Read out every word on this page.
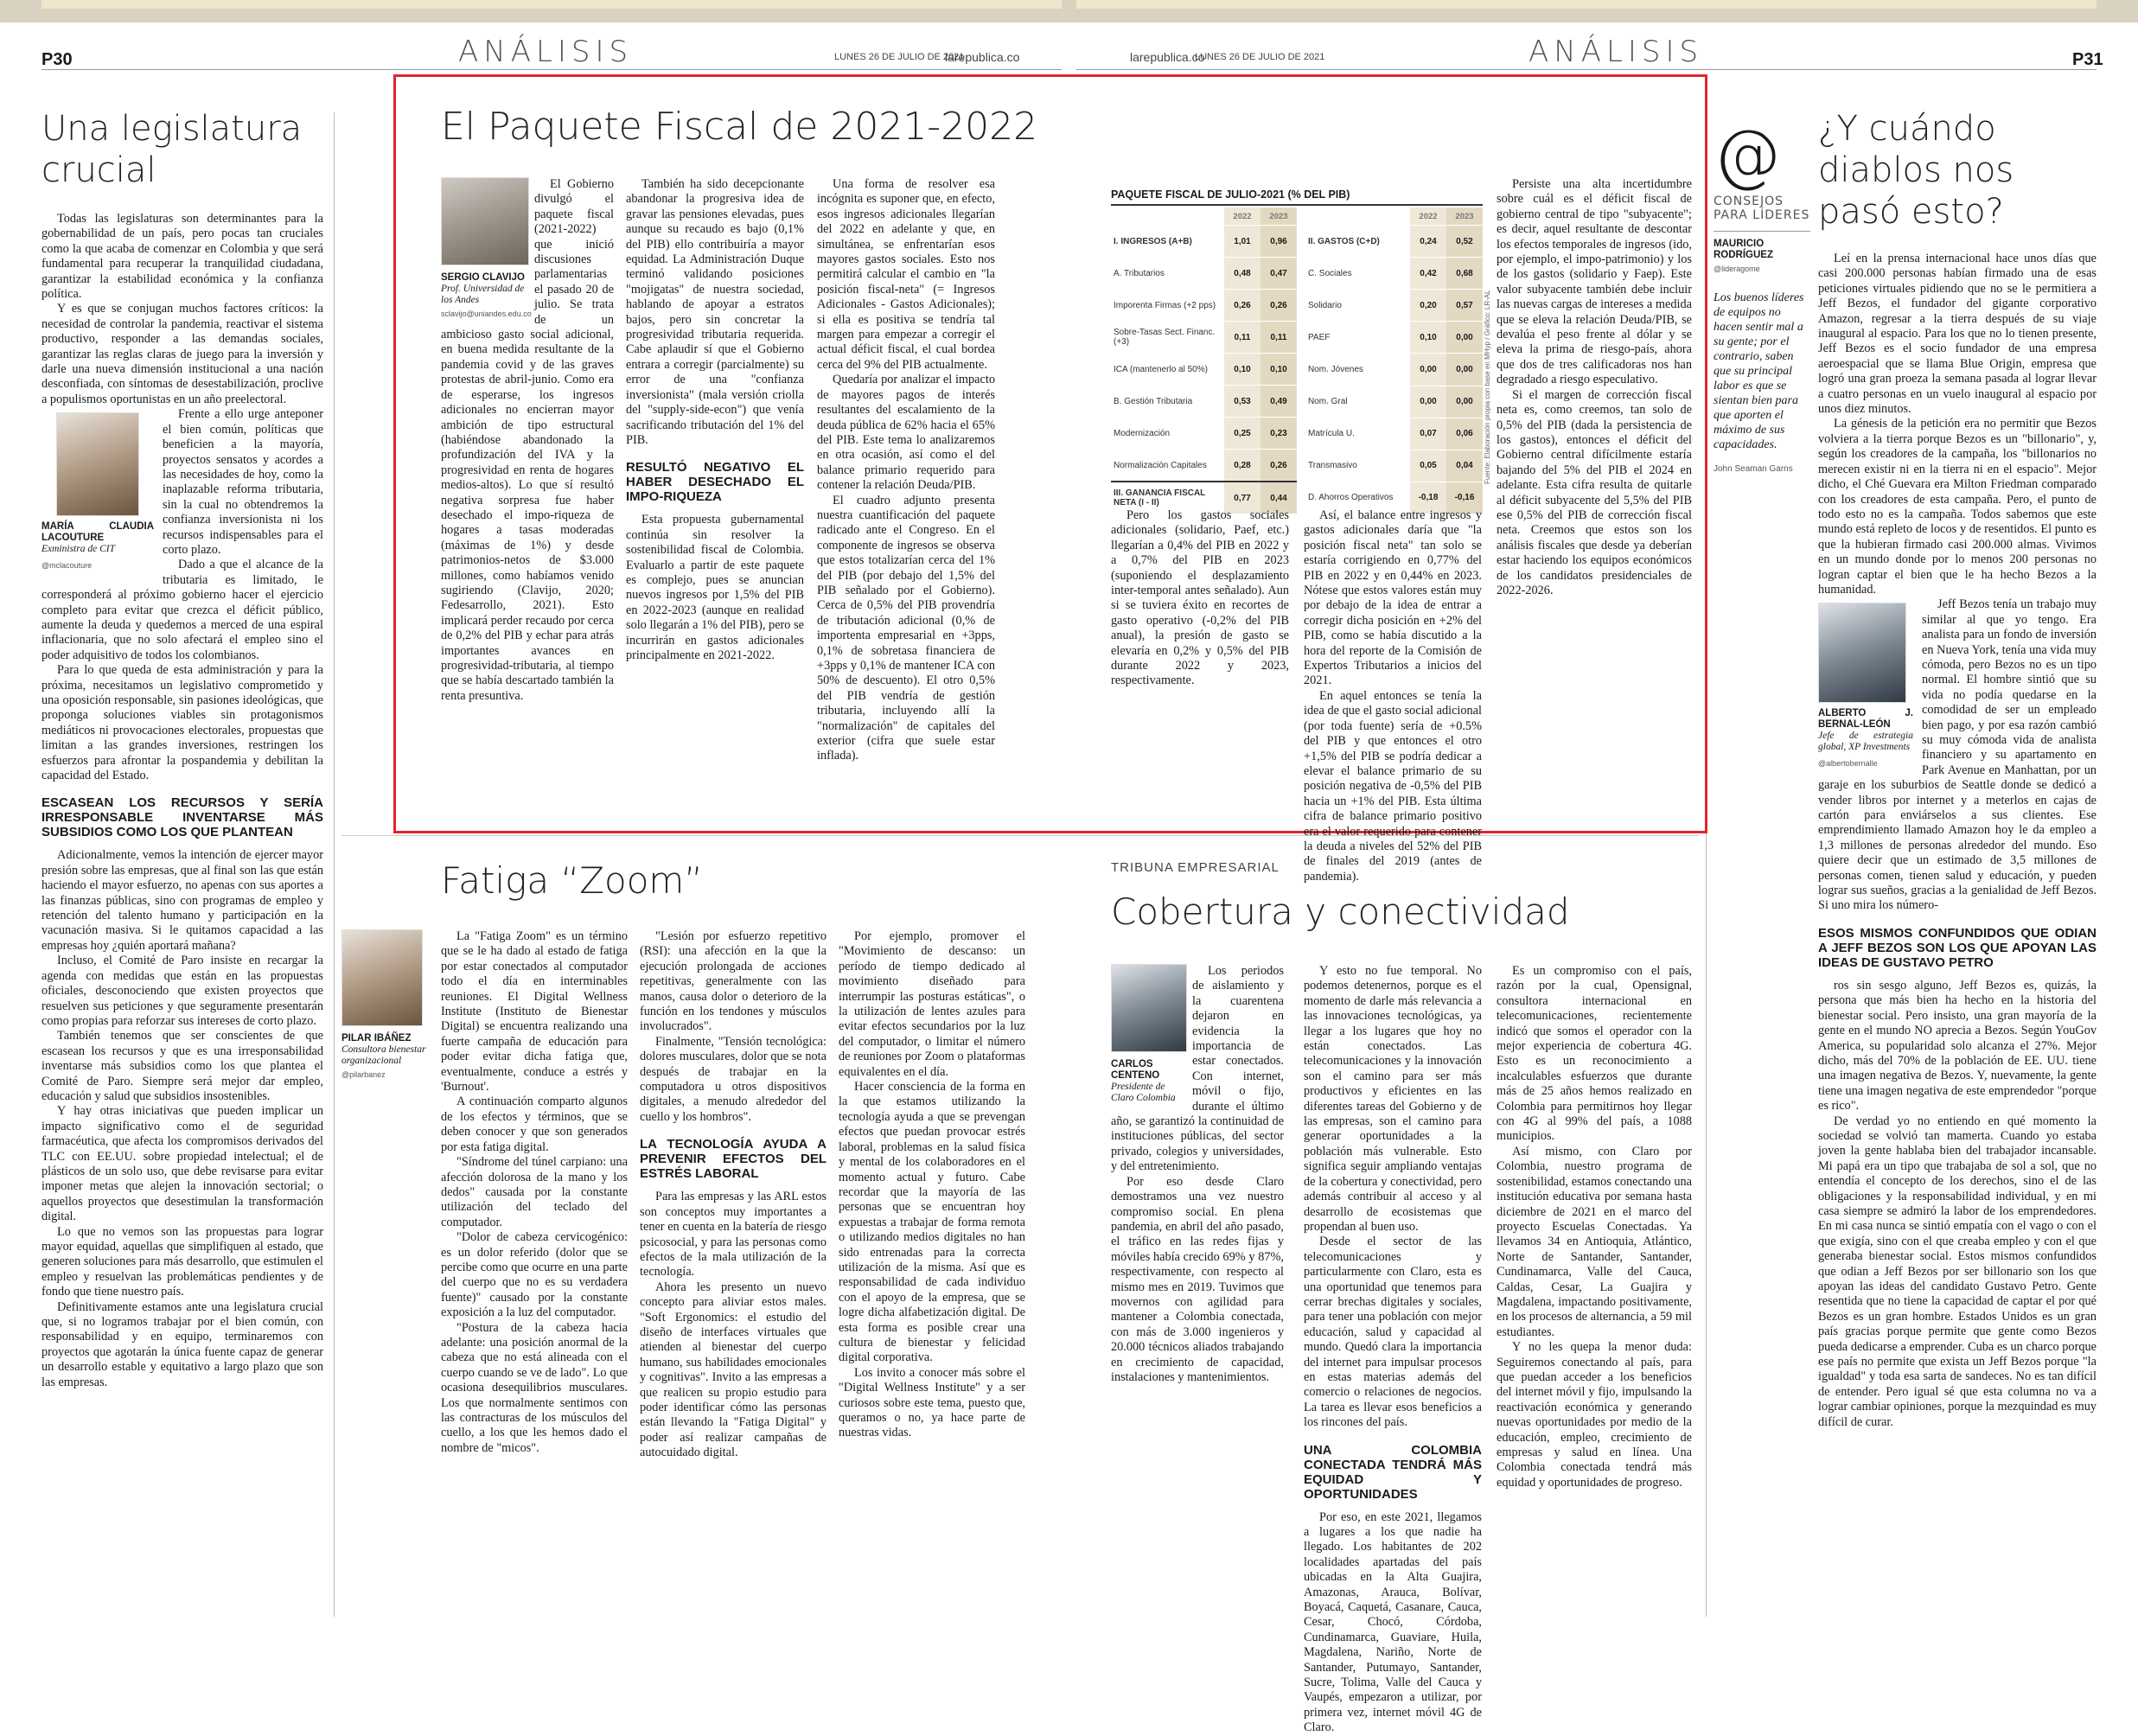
P30	ANÁLISIS	LUNES 26 DE JULIO DE 2021
larepublica.co	larepublica.co
LUNES 26 DE JULIO DE 2021	ANÁLISIS	P31
Una legislatura crucial

Todas las legislaturas son determinantes para la gobernabilidad de un país, pero pocas tan cruciales como la que acaba de comenzar en Colombia y que será fundamental para recuperar la tranquilidad ciudadana, garantizar la estabilidad económica y la confianza política.

Y es que se conjugan muchos factores críticos: la necesidad de controlar la pandemia, reactivar el sistema productivo, responder a las demandas sociales, garantizar las reglas claras de juego para la inversión y darle una nueva dimensión institucional a una nación desconfiada, con síntomas de desestabilización, proclive a populismos oportunistas en un año preelectoral.

MARÍA CLAUDIA LACOUTURE
Exministra de CIT
@mclacouture

Frente a ello urge anteponer el bien común, políticas que beneficien a la mayoría, proyectos sensatos y acordes a las necesidades de hoy, como la inaplazable reforma tributaria, sin la cual no obtendremos la confianza inversionista ni los recursos indispensables para el corto plazo.

Dado a que el alcance de la tributaria es limitado, le corresponderá al próximo gobierno hacer el ejercicio completo para evitar que crezca el déficit público, aumente la deuda y quedemos a merced de una espiral inflacionaria, que no solo afectará el empleo sino el poder adquisitivo de todos los colombianos.

Para lo que queda de esta administración y para la próxima, necesitamos un legislativo comprometido y una oposición responsable, sin pasiones ideológicas, que proponga soluciones viables sin protagonismos mediáticos ni provocaciones electorales, propuestas que limitan a las grandes inversiones, restringen los esfuerzos para afrontar la pospandemia y debilitan la capacidad del Estado.

ESCASEAN LOS RECURSOS Y SERÍA IRRESPONSABLE INVENTARSE MÁS SUBSIDIOS COMO LOS QUE PLANTEAN

Adicionalmente, vemos la intención de ejercer mayor presión sobre las empresas, que al final son las que están haciendo el mayor esfuerzo, no apenas con sus aportes a las finanzas públicas, sino con programas de empleo y retención del talento humano y participación en la vacunación masiva. Si le quitamos capacidad a las empresas hoy ¿quién aportará mañana?

Incluso, el Comité de Paro insiste en recargar la agenda con medidas que están en las propuestas oficiales, desconociendo que existen proyectos que resuelven sus peticiones y que seguramente presentarán como propias para reforzar sus intereses de corto plazo.

También tenemos que ser conscientes de que escasean los recursos y que es una irresponsabilidad inventarse más subsidios como los que plantea el Comité de Paro. Siempre será mejor dar empleo, educación y salud que subsidios insostenibles.

Y hay otras iniciativas que pueden implicar un impacto significativo como el de seguridad farmacéutica, que afecta los compromisos derivados del TLC con EE.UU. sobre propiedad intelectual; el de plásticos de un solo uso, que debe revisarse para evitar imponer metas que alejen la innovación sectorial; o aquellos proyectos que desestimulan la transformación digital.

Lo que no vemos son las propuestas para lograr mayor equidad, aquellas que simplifiquen al estado, que generen soluciones para más desarrollo, que estimulen el empleo y resuelvan las problemáticas pendientes y de fondo que tiene nuestro país.

Definitivamente estamos ante una legislatura crucial que, si no logramos trabajar por el bien común, con responsabilidad y en equipo, terminaremos con proyectos que agotarán la única fuente capaz de generar un desarrollo estable y equitativo a largo plazo que son las empresas.

El Paquete Fiscal de 2021-2022
SERGIO CLAVIJO
Prof. Universidad de los Andes
sclavijo@uniandes.edu.co

El Gobierno divulgó el paquete fiscal (2021-2022) que inició discusiones parlamentarias el pasado 20 de julio. Se trata de un ambicioso gasto social adicional, en buena medida resultante de la pandemia covid y de las graves protestas de abril-junio. Como era de esperarse, los ingresos adicionales no encierran mayor ambición de tipo estructural (habiéndose abandonado la profundización del IVA y la progresividad en renta de hogares medios-altos). Lo que sí resultó negativa sorpresa fue haber desechado el impo-riqueza de hogares a tasas moderadas (máximas de 1%) y desde patrimonios-netos de $3.000 millones, como habíamos venido sugiriendo (Clavijo, 2020; Fedesarrollo, 2021). Esto implicará perder recaudo por cerca de 0,2% del PIB y echar para atrás importantes avances en progresividad-tributaria, al tiempo que se había descartado también la renta presuntiva.

También ha sido decepcionante abandonar la progresiva idea de gravar las pensiones elevadas, pues aunque su recaudo es bajo (0,1% del PIB) ello contribuiría a mayor equidad. La Administración Duque terminó validando posiciones "mojigatas" de nuestra sociedad, hablando de apoyar a estratos bajos, pero sin concretar la progresividad tributaria requerida. Cabe aplaudir sí que el Gobierno entrara a corregir (parcialmente) su error de una "confianza inversionista" (mala versión criolla del "supply-side-econ") que venía sacrificando tributación del 1% del PIB.

RESULTÓ NEGATIVO EL HABER DESECHADO EL IMPO-RIQUEZA

Esta propuesta gubernamental continúa sin resolver la sostenibilidad fiscal de Colombia. Evaluarlo a partir de este paquete es complejo, pues se anuncian nuevos ingresos por 1,5% del PIB en 2022-2023 (aunque en realidad solo llegarán a 1% del PIB), pero se incurrirán en gastos adicionales principalmente en 2021-2022.

Una forma de resolver esa incógnita es suponer que, en efecto, esos ingresos adicionales llegarían del 2022 en adelante y que, en simultánea, se enfrentarían esos mayores gastos sociales. Esto nos permitirá calcular el cambio en "la posición fiscal-neta" (= Ingresos Adicionales - Gastos Adicionales); si ella es positiva se tendría tal margen para empezar a corregir el actual déficit fiscal, el cual bordea cerca del 9% del PIB actualmente.

Quedaría por analizar el impacto de mayores pagos de interés resultantes del escalamiento de la deuda pública de 62% hacia el 65% del PIB. Este tema lo analizaremos en otra ocasión, así como el del balance primario requerido para contener la relación Deuda/PIB.

El cuadro adjunto presenta nuestra cuantificación del paquete radicado ante el Congreso. En el componente de ingresos se observa que estos totalizarían cerca del 1% del PIB (por debajo del 1,5% del PIB señalado por el Gobierno). Cerca de 0,5% del PIB provendría de tributación adicional (0,% de importenta empresarial en +3pps, 0,1% de sobretasa financiera de +3pps y 0,1% de mantener ICA con 50% de descuento). El otro 0,5% del PIB vendría de gestión tributaria, incluyendo allí la "normalización" de capitales del exterior (cifra que suele estar inflada).

PAQUETE FISCAL DE JULIO-2021 (% DEL PIB)
	2022	2023
I. INGRESOS (A+B)	1,01	0,96
A. Tributarios	0,48	0,47
Imporenta Firmas (+2 pps)	0,26	0,26
Sobre-Tasas Sect. Financ. (+3)	0,11	0,11
ICA (mantenerlo al 50%)	0,10	0,10
B. Gestión Tributaria	0,53	0,49
Modernización	0,25	0,23
Normalización Capitales	0,28	0,26
III. GANANCIA FISCAL NETA (I - II)	0,77	0,44
	2022	2023
II. GASTOS (C+D)	0,24	0,52
C. Sociales	0,42	0,68
Solidario	0,20	0,57
PAEF	0,10	0,00
Nom. Jóvenes	0,00	0,00
Nom. Gral	0,00	0,00
Matrícula U.	0,07	0,06
Transmasivo	0,05	0,04
D. Ahorros Operativos	-0,18	-0,16
Fuente: Elaboración propia con base en MHyp / Gráfico: LR-AL

Pero los gastos sociales adicionales (solidario, Paef, etc.) llegarían a 0,4% del PIB en 2022 y a 0,7% del PIB en 2023 (suponiendo el desplazamiento inter-temporal antes señalado). Aun si se tuviera éxito en recortes de gasto operativo (-0,2% del PIB anual), la presión de gasto se elevaría en 0,2% y 0,5% del PIB durante 2022 y 2023, respectivamente.

Así, el balance entre ingresos y gastos adicionales daría que "la posición fiscal neta" tan solo se estaría corrigiendo en 0,77% del PIB en 2022 y en 0,44% en 2023. Nótese que estos valores están muy por debajo de la idea de entrar a corregir dicha posición en +2% del PIB, como se había discutido a la hora del reporte de la Comisión de Expertos Tributarios a inicios del 2021.

En aquel entonces se tenía la idea de que el gasto social adicional (por toda fuente) sería de +0.5% del PIB y que entonces el otro +1,5% del PIB se podría dedicar a elevar el balance primario de su posición negativa de -0,5% del PIB hacia un +1% del PIB. Esta última cifra de balance primario positivo era el valor requerido para contener la deuda a niveles del 52% del PIB de finales del 2019 (antes de pandemia).

Persiste una alta incertidumbre sobre cuál es el déficit fiscal de gobierno central de tipo "subyacente"; es decir, aquel resultante de descontar los efectos temporales de ingresos (ido, por ejemplo, el impo-patrimonio) y los de los gastos (solidario y Faep). Este valor subyacente también debe incluir las nuevas cargas de intereses a medida que se eleva la relación Deuda/PIB, se devalúa el peso frente al dólar y se eleva la prima de riesgo-país, ahora que dos de tres calificadoras nos han degradado a riesgo especulativo.

Si el margen de corrección fiscal neta es, como creemos, tan solo de 0,5% del PIB (dada la persistencia de los gastos), entonces el déficit del Gobierno central difícilmente estaría bajando del 5% del PIB el 2024 en adelante. Esta cifra resulta de quitarle al déficit subyacente del 5,5% del PIB ese 0,5% del PIB de corrección fiscal neta. Creemos que estos son los análisis fiscales que desde ya deberían estar haciendo los equipos económicos de los candidatos presidenciales de 2022-2026.

Fatiga “Zoom”
PILAR IBÁÑEZ
Consultora bienestar organizacional
@pilarbanez

La "Fatiga Zoom" es un término que se le ha dado al estado de fatiga por estar conectados al computador todo el día en interminables reuniones. El Digital Wellness Institute (Instituto de Bienestar Digital) se encuentra realizando una fuerte campaña de educación para poder evitar dicha fatiga que, eventualmente, conduce a estrés y 'Burnout'.

A continuación comparto algunos de los efectos y términos, que se deben conocer y que son generados por esta fatiga digital.

"Síndrome del túnel carpiano: una afección dolorosa de la mano y los dedos" causada por la constante utilización del teclado del computador.

"Dolor de cabeza cervicogénico: es un dolor referido (dolor que se percibe como que ocurre en una parte del cuerpo que no es su verdadera fuente)" causado por la constante exposición a la luz del computador.

"Postura de la cabeza hacia adelante: una posición anormal de la cabeza que no está alineada con el cuerpo cuando se ve de lado". Lo que ocasiona desequilibrios musculares. Los que normalmente sentimos con las contracturas de los músculos del cuello, a los que les hemos dado el nombre de "micos".

"Lesión por esfuerzo repetitivo (RSI): una afección en la que la ejecución prolongada de acciones repetitivas, generalmente con las manos, causa dolor o deterioro de la función en los tendones y músculos involucrados".

Finalmente, "Tensión tecnológica: dolores musculares, dolor que se nota después de trabajar en la computadora u otros dispositivos digitales, a menudo alrededor del cuello y los hombros".

LA TECNOLOGÍA AYUDA A PREVENIR EFECTOS DEL ESTRÉS LABORAL

Para las empresas y las ARL estos son conceptos muy importantes a tener en cuenta en la batería de riesgo psicosocial, y para las personas como efectos de la mala utilización de la tecnología.

Ahora les presento un nuevo concepto para aliviar estos males. "Soft Ergonomics: el estudio del diseño de interfaces virtuales que atienden al bienestar del cuerpo humano, sus habilidades emocionales y cognitivas". Invito a las empresas a que realicen su propio estudio para poder identificar cómo las personas están llevando la "Fatiga Digital" y poder así realizar campañas de autocuidado digital.

Por ejemplo, promover el "Movimiento de descanso: un período de tiempo dedicado al movimiento diseñado para interrumpir las posturas estáticas", o la utilización de lentes azules para evitar efectos secundarios por la luz del computador, o limitar el número de reuniones por Zoom o plataformas equivalentes en el día.

Hacer consciencia de la forma en la que estamos utilizando la tecnología ayuda a que se prevengan efectos que puedan provocar estrés laboral, problemas en la salud física y mental de los colaboradores en el momento actual y futuro. Cabe recordar que la mayoría de las personas que se encuentran hoy expuestas a trabajar de forma remota o utilizando medios digitales no han sido entrenadas para la correcta utilización de la misma. Así que es responsabilidad de cada individuo con el apoyo de la empresa, que se logre dicha alfabetización digital. De esta forma es posible crear una cultura de bienestar y felicidad digital corporativa.

Los invito a conocer más sobre el "Digital Wellness Institute" y a ser curiosos sobre este tema, puesto que, queramos o no, ya hace parte de nuestras vidas.

TRIBUNA EMPRESARIAL
Cobertura y conectividad
CARLOS CENTENO
Presidente de Claro Colombia

Los periodos de aislamiento y la cuarentena dejaron en evidencia la importancia de estar conectados. Con internet, móvil o fijo, durante el último año, se garantizó la continuidad de instituciones públicas, del sector privado, colegios y universidades, y del entretenimiento.

Por eso desde Claro demostramos una vez nuestro compromiso social. En plena pandemia, en abril del año pasado, el tráfico en las redes fijas y móviles había crecido 69% y 87%, respectivamente, con respecto al mismo mes en 2019. Tuvimos que movernos con agilidad para mantener a Colombia conectada, con más de 3.000 ingenieros y 20.000 técnicos aliados trabajando en crecimiento de capacidad, instalaciones y mantenimientos.

Y esto no fue temporal. No podemos detenernos, porque es el momento de darle más relevancia a las innovaciones tecnológicas, ya llegar a los lugares que hoy no están conectados. Las telecomunicaciones y la innovación son el camino para ser más productivos y eficientes en las diferentes tareas del Gobierno y de las empresas, son el camino para generar oportunidades a la población más vulnerable. Esto significa seguir ampliando ventajas de la cobertura y conectividad, pero además contribuir al acceso y al desarrollo de ecosistemas que propendan al buen uso.

Desde el sector de las telecomunicaciones y particularmente con Claro, esta es una oportunidad que tenemos para cerrar brechas digitales y sociales, para tener una población con mejor educación, salud y capacidad al mundo. Quedó clara la importancia del internet para impulsar procesos en estas materias además del comercio o relaciones de negocios. La tarea es llevar esos beneficios a los rincones del país.

UNA COLOMBIA CONECTADA TENDRÁ MÁS EQUIDAD Y OPORTUNIDADES

Por eso, en este 2021, llegamos a lugares a los que nadie ha llegado. Los habitantes de 202 localidades apartadas del país ubicadas en la Alta Guajira, Amazonas, Arauca, Bolívar, Boyacá, Caquetá, Casanare, Cauca, Cesar, Chocó, Córdoba, Cundinamarca, Guaviare, Huila, Magdalena, Nariño, Norte de Santander, Putumayo, Santander, Sucre, Tolima, Valle del Cauca y Vaupés, empezaron a utilizar, por primera vez, internet móvil 4G de Claro.

Es un compromiso con el país, razón por la cual, Opensignal, consultora internacional en telecomunicaciones, recientemente indicó que somos el operador con la mejor experiencia de cobertura 4G. Esto es un reconocimiento a incalculables esfuerzos que durante más de 25 años hemos realizado en Colombia para permitirnos hoy llegar con 4G al 99% del país, a 1088 municipios.

Así mismo, con Claro por Colombia, nuestro programa de sostenibilidad, estamos conectando una institución educativa por semana hasta diciembre de 2021 en el marco del proyecto Escuelas Conectadas. Ya llevamos 34 en Antioquia, Atlántico, Norte de Santander, Santander, Cundinamarca, Valle del Cauca, Caldas, Cesar, La Guajira y Magdalena, impactando positivamente, en los procesos de alternancia, a 59 mil estudiantes.

Y no les quepa la menor duda: Seguiremos conectando al país, para que puedan acceder a los beneficios del internet móvil y fijo, impulsando la reactivación económica y generando nuevas oportunidades por medio de la educación, empleo, crecimiento de empresas y salud en línea. Una Colombia conectada tendrá más equidad y oportunidades de progreso.

@
CONSEJOS PARA LÍDERES
MAURICIO RODRÍGUEZ
@lideragome
Los buenos líderes de equipos no hacen sentir mal a su gente; por el contrario, saben que su principal labor es que se sientan bien para que aporten el máximo de sus capacidades.
John Seaman Garns
¿Y cuándo diablos nos pasó esto?

Leí en la prensa internacional hace unos días que casi 200.000 personas habían firmado una de esas peticiones virtuales pidiendo que no se le permitiera a Jeff Bezos, el fundador del gigante corporativo Amazon, regresar a la tierra después de su viaje inaugural al espacio. Para los que no lo tienen presente, Jeff Bezos es el socio fundador de una empresa aeroespacial que se llama Blue Origin, empresa que logró una gran proeza la semana pasada al lograr llevar a cuatro personas en un vuelo inaugural al espacio por unos diez minutos.

La génesis de la petición era no permitir que Bezos volviera a la tierra porque Bezos es un "billonario", y, según los creadores de la campaña, los "billonarios no merecen existir ni en la tierra ni en el espacio". Mejor dicho, el Ché Guevara era Milton Friedman comparado con los creadores de esta campaña. Pero, el punto de todo esto no es la campaña. Todos sabemos que este mundo está repleto de locos y de resentidos. El punto es que la hubieran firmado casi 200.000 almas. Vivimos en un mundo donde por lo menos 200 personas no logran captar el bien que le ha hecho Bezos a la humanidad.

ALBERTO J. BERNAL-LEÓN
Jefe de estrategia global, XP Investments
@albertobernalle

Jeff Bezos tenía un trabajo muy similar al que yo tengo. Era analista para un fondo de inversión en Nueva York, tenía una vida muy cómoda, pero Bezos no es un tipo normal. El hombre sintió que su vida no podía quedarse en la comodidad de ser un empleado bien pago, y por esa razón cambió su muy cómoda vida de analista financiero y su apartamento en Park Avenue en Manhattan, por un garaje en los suburbios de Seattle donde se dedicó a vender libros por internet y a meterlos en cajas de cartón para enviárselos a sus clientes. Ese emprendimiento llamado Amazon hoy le da empleo a 1,3 millones de personas alrededor del mundo. Eso quiere decir que un estimado de 3,5 millones de personas comen, tienen salud y educación, y pueden lograr sus sueños, gracias a la genialidad de Jeff Bezos. Si uno mira los número-

ESOS MISMOS CONFUNDIDOS QUE ODIAN A JEFF BEZOS SON LOS QUE APOYAN LAS IDEAS DE GUSTAVO PETRO

ros sin sesgo alguno, Jeff Bezos es, quizás, la persona que más bien ha hecho en la historia del bienestar social. Pero insisto, una gran mayoría de la gente en el mundo NO aprecia a Bezos. Según YouGov America, su popularidad solo alcanza el 27%. Mejor dicho, más del 70% de la población de EE. UU. tiene una imagen negativa de Bezos. Y, nuevamente, la gente tiene una imagen negativa de este emprendedor "porque es rico".

De verdad yo no entiendo en qué momento la sociedad se volvió tan mamerta. Cuando yo estaba joven la gente hablaba bien del trabajador incansable. Mi papá era un tipo que trabajaba de sol a sol, que no entendía el concepto de los derechos, sino el de las obligaciones y la responsabilidad individual, y en mi casa siempre se admiró la labor de los emprendedores. En mi casa nunca se sintió empatía con el vago o con el que exigía, sino con el que creaba empleo y con el que generaba bienestar social. Estos mismos confundidos que odian a Jeff Bezos por ser billonario son los que apoyan las ideas del candidato Gustavo Petro. Gente resentida que no tiene la capacidad de captar el por qué Bezos es un gran hombre. Estados Unidos es un gran país gracias porque permite que gente como Bezos pueda dedicarse a emprender. Cuba es un charco porque ese país no permite que exista un Jeff Bezos porque "la igualdad" y toda esa sarta de sandeces. No es tan difícil de entender. Pero igual sé que esta columna no va a lograr cambiar opiniones, porque la mezquindad es muy difícil de curar.
